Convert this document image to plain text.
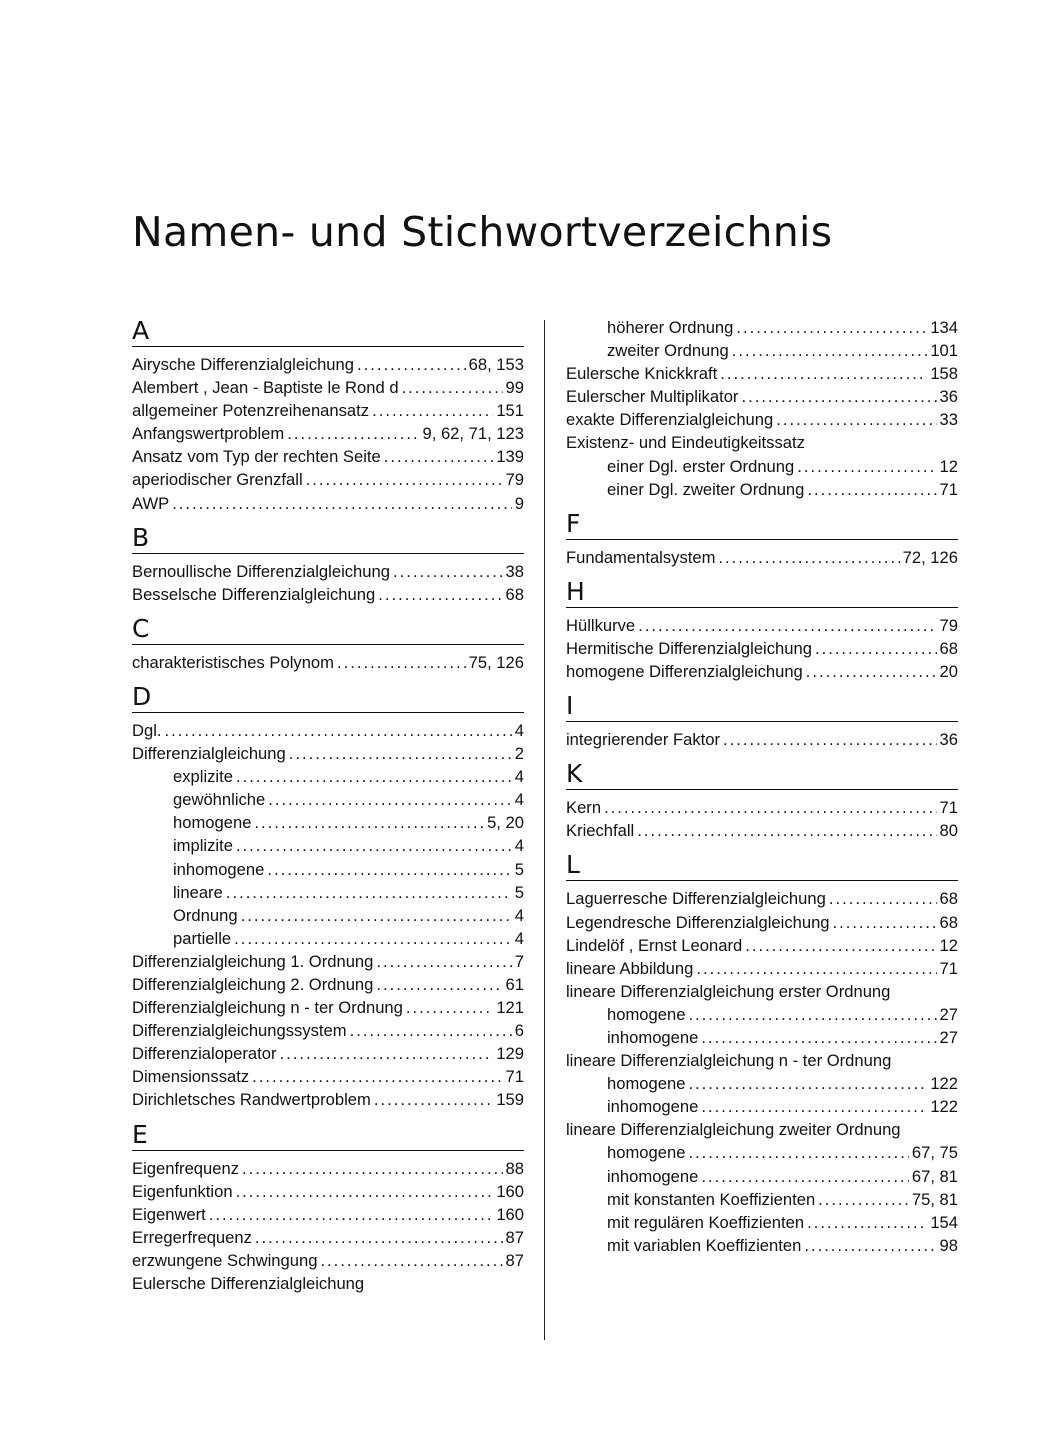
Namen- und Stichwortverzeichnis
A
Airysche Differenzialgleichung . . .	68, 153
Alembert , Jean - Baptiste le Rond d . . .	99
allgemeiner Potenzreihenansatz . . .	151
Anfangswertproblem . . .	9, 62, 71, 123
Ansatz vom Typ der rechten Seite . . .	139
aperiodischer Grenzfall . . .	79
AWP . . .	9
B
Bernoullische Differenzialgleichung . . .	38
Besselsche Differenzialgleichung . . .	68
C
charakteristisches Polynom . . .	75, 126
D
Dgl. . . .	4
Differenzialgleichung . . .	2
explizite . . .	4
gewöhnliche . . .	4
homogene . . .	5, 20
implizite . . .	4
inhomogene . . .	5
lineare . . .	5
Ordnung . . .	4
partielle . . .	4
Differenzialgleichung 1. Ordnung . . .	7
Differenzialgleichung 2. Ordnung . . .	61
Differenzialgleichung n - ter Ordnung . . .	121
Differenzialgleichungssystem . . .	6
Differenzialoperator . . .	129
Dimensionssatz . . .	71
Dirichletsches Randwertproblem . . .	159
E
Eigenfrequenz . . .	88
Eigenfunktion . . .	160
Eigenwert . . .	160
Erregerfrequenz . . .	87
erzwungene Schwingung . . .	87
Eulersche Differenzialgleichung
höherer Ordnung . . .	134
zweiter Ordnung . . .	101
Eulersche Knickkraft . . .	158
Eulerscher Multiplikator . . .	36
exakte Differenzialgleichung . . .	33
Existenz- und Eindeutigkeitssatz
einer Dgl. erster Ordnung . . .	12
einer Dgl. zweiter Ordnung . . .	71
F
Fundamentalsystem . . .	72, 126
H
Hüllkurve . . .	79
Hermitische Differenzialgleichung . . .	68
homogene Differenzialgleichung . . .	20
I
integrierender Faktor . . .	36
K
Kern . . .	71
Kriechfall . . .	80
L
Laguerresche Differenzialgleichung . . .	68
Legendresche Differenzialgleichung . . .	68
Lindelöf , Ernst Leonard . . .	12
lineare Abbildung . . .	71
lineare Differenzialgleichung erster Ordnung
homogene . . .	27
inhomogene . . .	27
lineare Differenzialgleichung n - ter Ordnung
homogene . . .	122
inhomogene . . .	122
lineare Differenzialgleichung zweiter Ordnung
homogene . . .	67, 75
inhomogene . . .	67, 81
mit konstanten Koeffizienten . . .	75, 81
mit regulären Koeffizienten . . .	154
mit variablen Koeffizienten . . .	98
